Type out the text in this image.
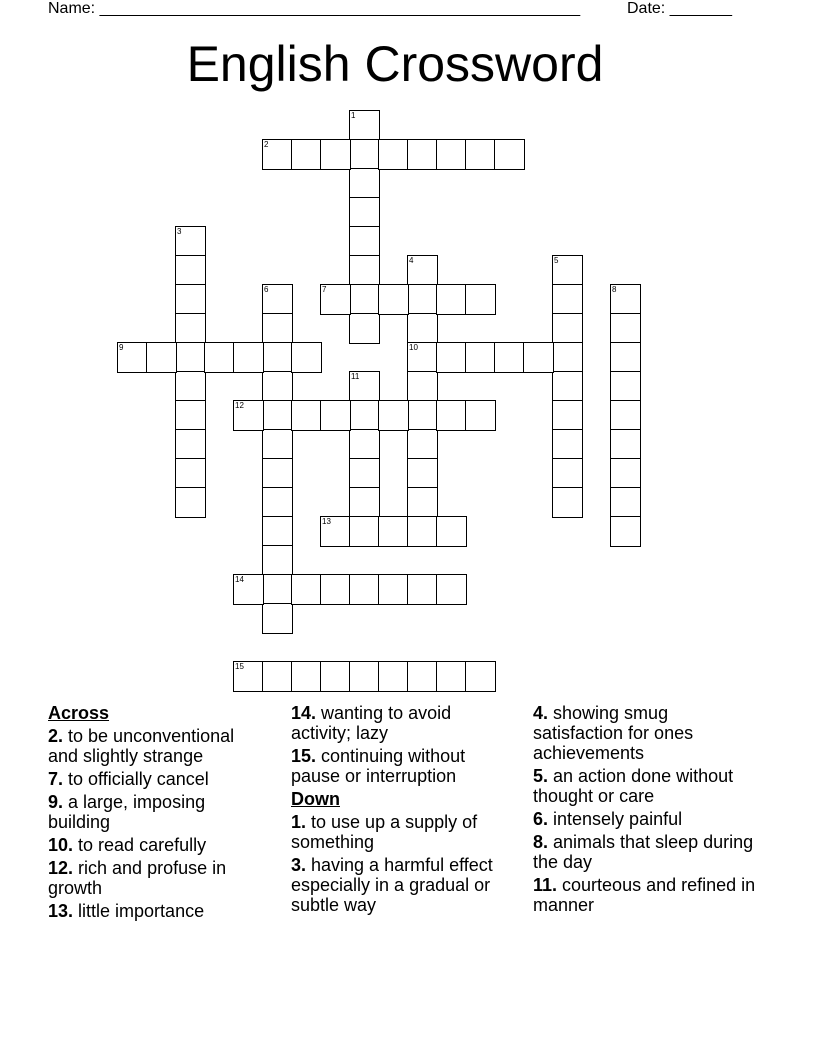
Name: ______________________________________________________	Date: _______
English Crossword
1
2
3
4
10
5
6	7	8
9
11
12
13
14
15
Across
2. to be unconventional and slightly strange
7. to officially cancel
9. a large, imposing building
10. to read carefully
12. rich and profuse in growth
13. little importance
14. wanting to avoid activity; lazy
15. continuing without pause or interruption
Down
1. to use up a supply of something
3. having a harmful effect especially in a gradual or subtle way
4. showing smug satisfaction for ones achievements
5. an action done without thought or care
6. intensely painful
8. animals that sleep during the day
11. courteous and refined in manner
